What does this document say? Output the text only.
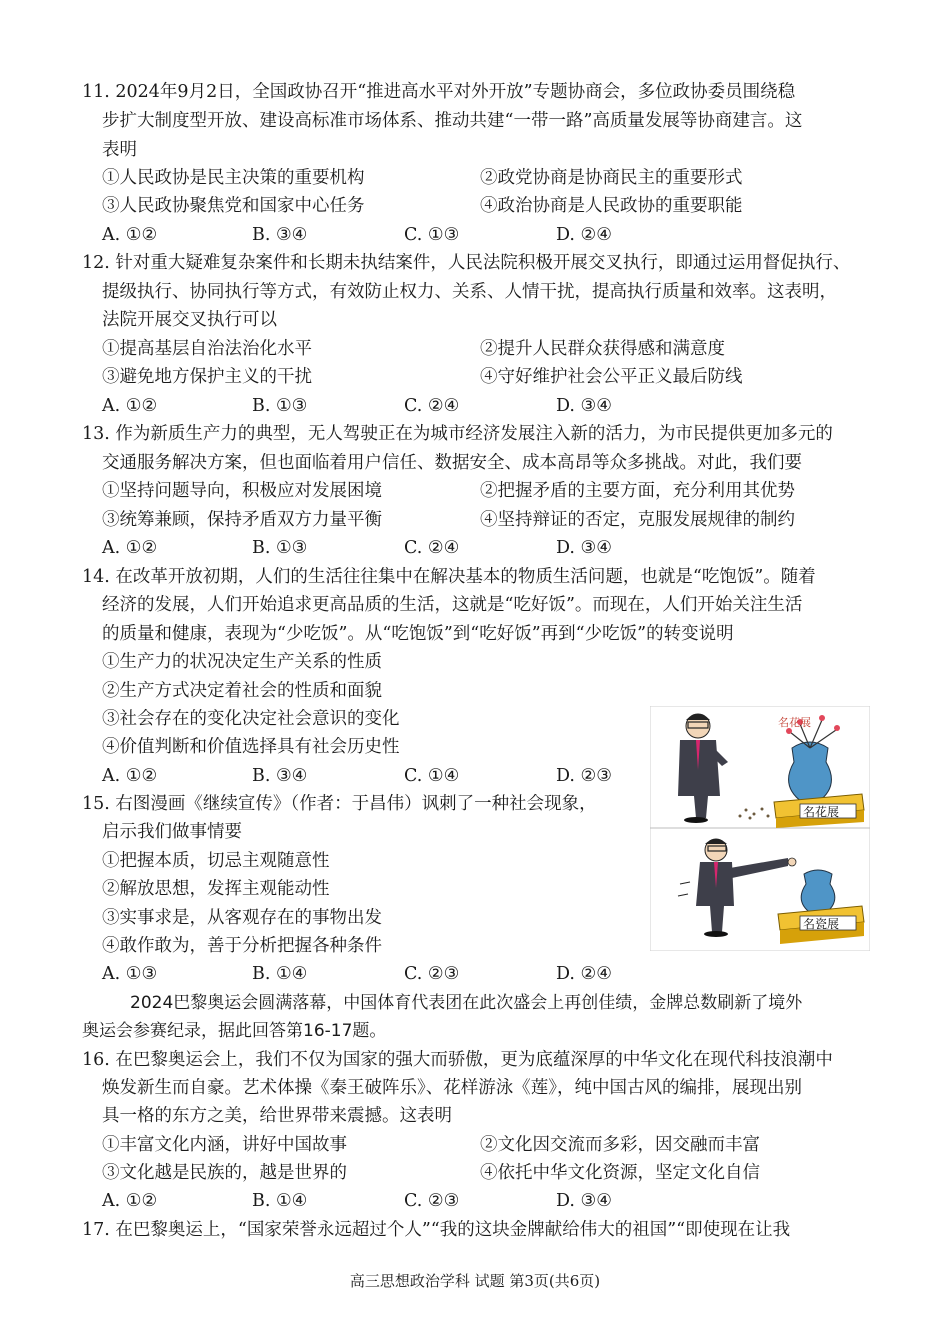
11. 2024年9月2日，全国政协召开“推进高水平对外开放”专题协商会，多位政协委员围绕稳
步扩大制度型开放、建设高标准市场体系、推动共建“一带一路”高质量发展等协商建言。这
表明
①人民政协是民主决策的重要机构	②政党协商是协商民主的重要形式
③人民政协聚焦党和国家中心任务	④政治协商是人民政协的重要职能
A. ①②	B. ③④	C. ①③	D. ②④
12. 针对重大疑难复杂案件和长期未执结案件，人民法院积极开展交叉执行，即通过运用督促执行、
提级执行、协同执行等方式，有效防止权力、关系、人情干扰，提高执行质量和效率。这表明，
法院开展交叉执行可以
①提高基层自治法治化水平	②提升人民群众获得感和满意度
③避免地方保护主义的干扰	④守好维护社会公平正义最后防线
A. ①②	B. ①③	C. ②④	D. ③④
13. 作为新质生产力的典型，无人驾驶正在为城市经济发展注入新的活力，为市民提供更加多元的
交通服务解决方案，但也面临着用户信任、数据安全、成本高昂等众多挑战。对此，我们要
①坚持问题导向，积极应对发展困境	②把握矛盾的主要方面，充分利用其优势
③统筹兼顾，保持矛盾双方力量平衡	④坚持辩证的否定，克服发展规律的制约
A. ①②	B. ①③	C. ②④	D. ③④
14. 在改革开放初期，人们的生活往往集中在解决基本的物质生活问题，也就是“吃饱饭”。随着
经济的发展，人们开始追求更高品质的生活，这就是“吃好饭”。而现在，人们开始关注生活
的质量和健康，表现为“少吃饭”。从“吃饱饭”到“吃好饭”再到“少吃饭”的转变说明
①生产力的状况决定生产关系的性质
②生产方式决定着社会的性质和面貌
③社会存在的变化决定社会意识的变化
④价值判断和价值选择具有社会历史性
A. ①②	B. ③④	C. ①④	D. ②③
15. 右图漫画《继续宣传》（作者：于昌伟）讽刺了一种社会现象，
启示我们做事情要
①把握本质，切忌主观随意性
②解放思想，发挥主观能动性
③实事求是，从客观存在的事物出发
④敢作敢为，善于分析把握各种条件
A. ①③	B. ①④	C. ②③	D. ②④
名花展
名花展
名瓷展
2024巴黎奥运会圆满落幕，中国体育代表团在此次盛会上再创佳绩，金牌总数刷新了境外
奥运会参赛纪录，据此回答第16-17题。
16. 在巴黎奥运会上，我们不仅为国家的强大而骄傲，更为底蕴深厚的中华文化在现代科技浪潮中
焕发新生而自豪。艺术体操《秦王破阵乐》、花样游泳《莲》，纯中国古风的编排，展现出别
具一格的东方之美，给世界带来震撼。这表明
①丰富文化内涵，讲好中国故事	②文化因交流而多彩，因交融而丰富
③文化越是民族的，越是世界的	④依托中华文化资源，坚定文化自信
A. ①②	B. ①④	C. ②③	D. ③④
17. 在巴黎奥运上，“国家荣誉永远超过个人”“我的这块金牌献给伟大的祖国”“即使现在让我
高三思想政治学科 试题 第3页(共6页)
